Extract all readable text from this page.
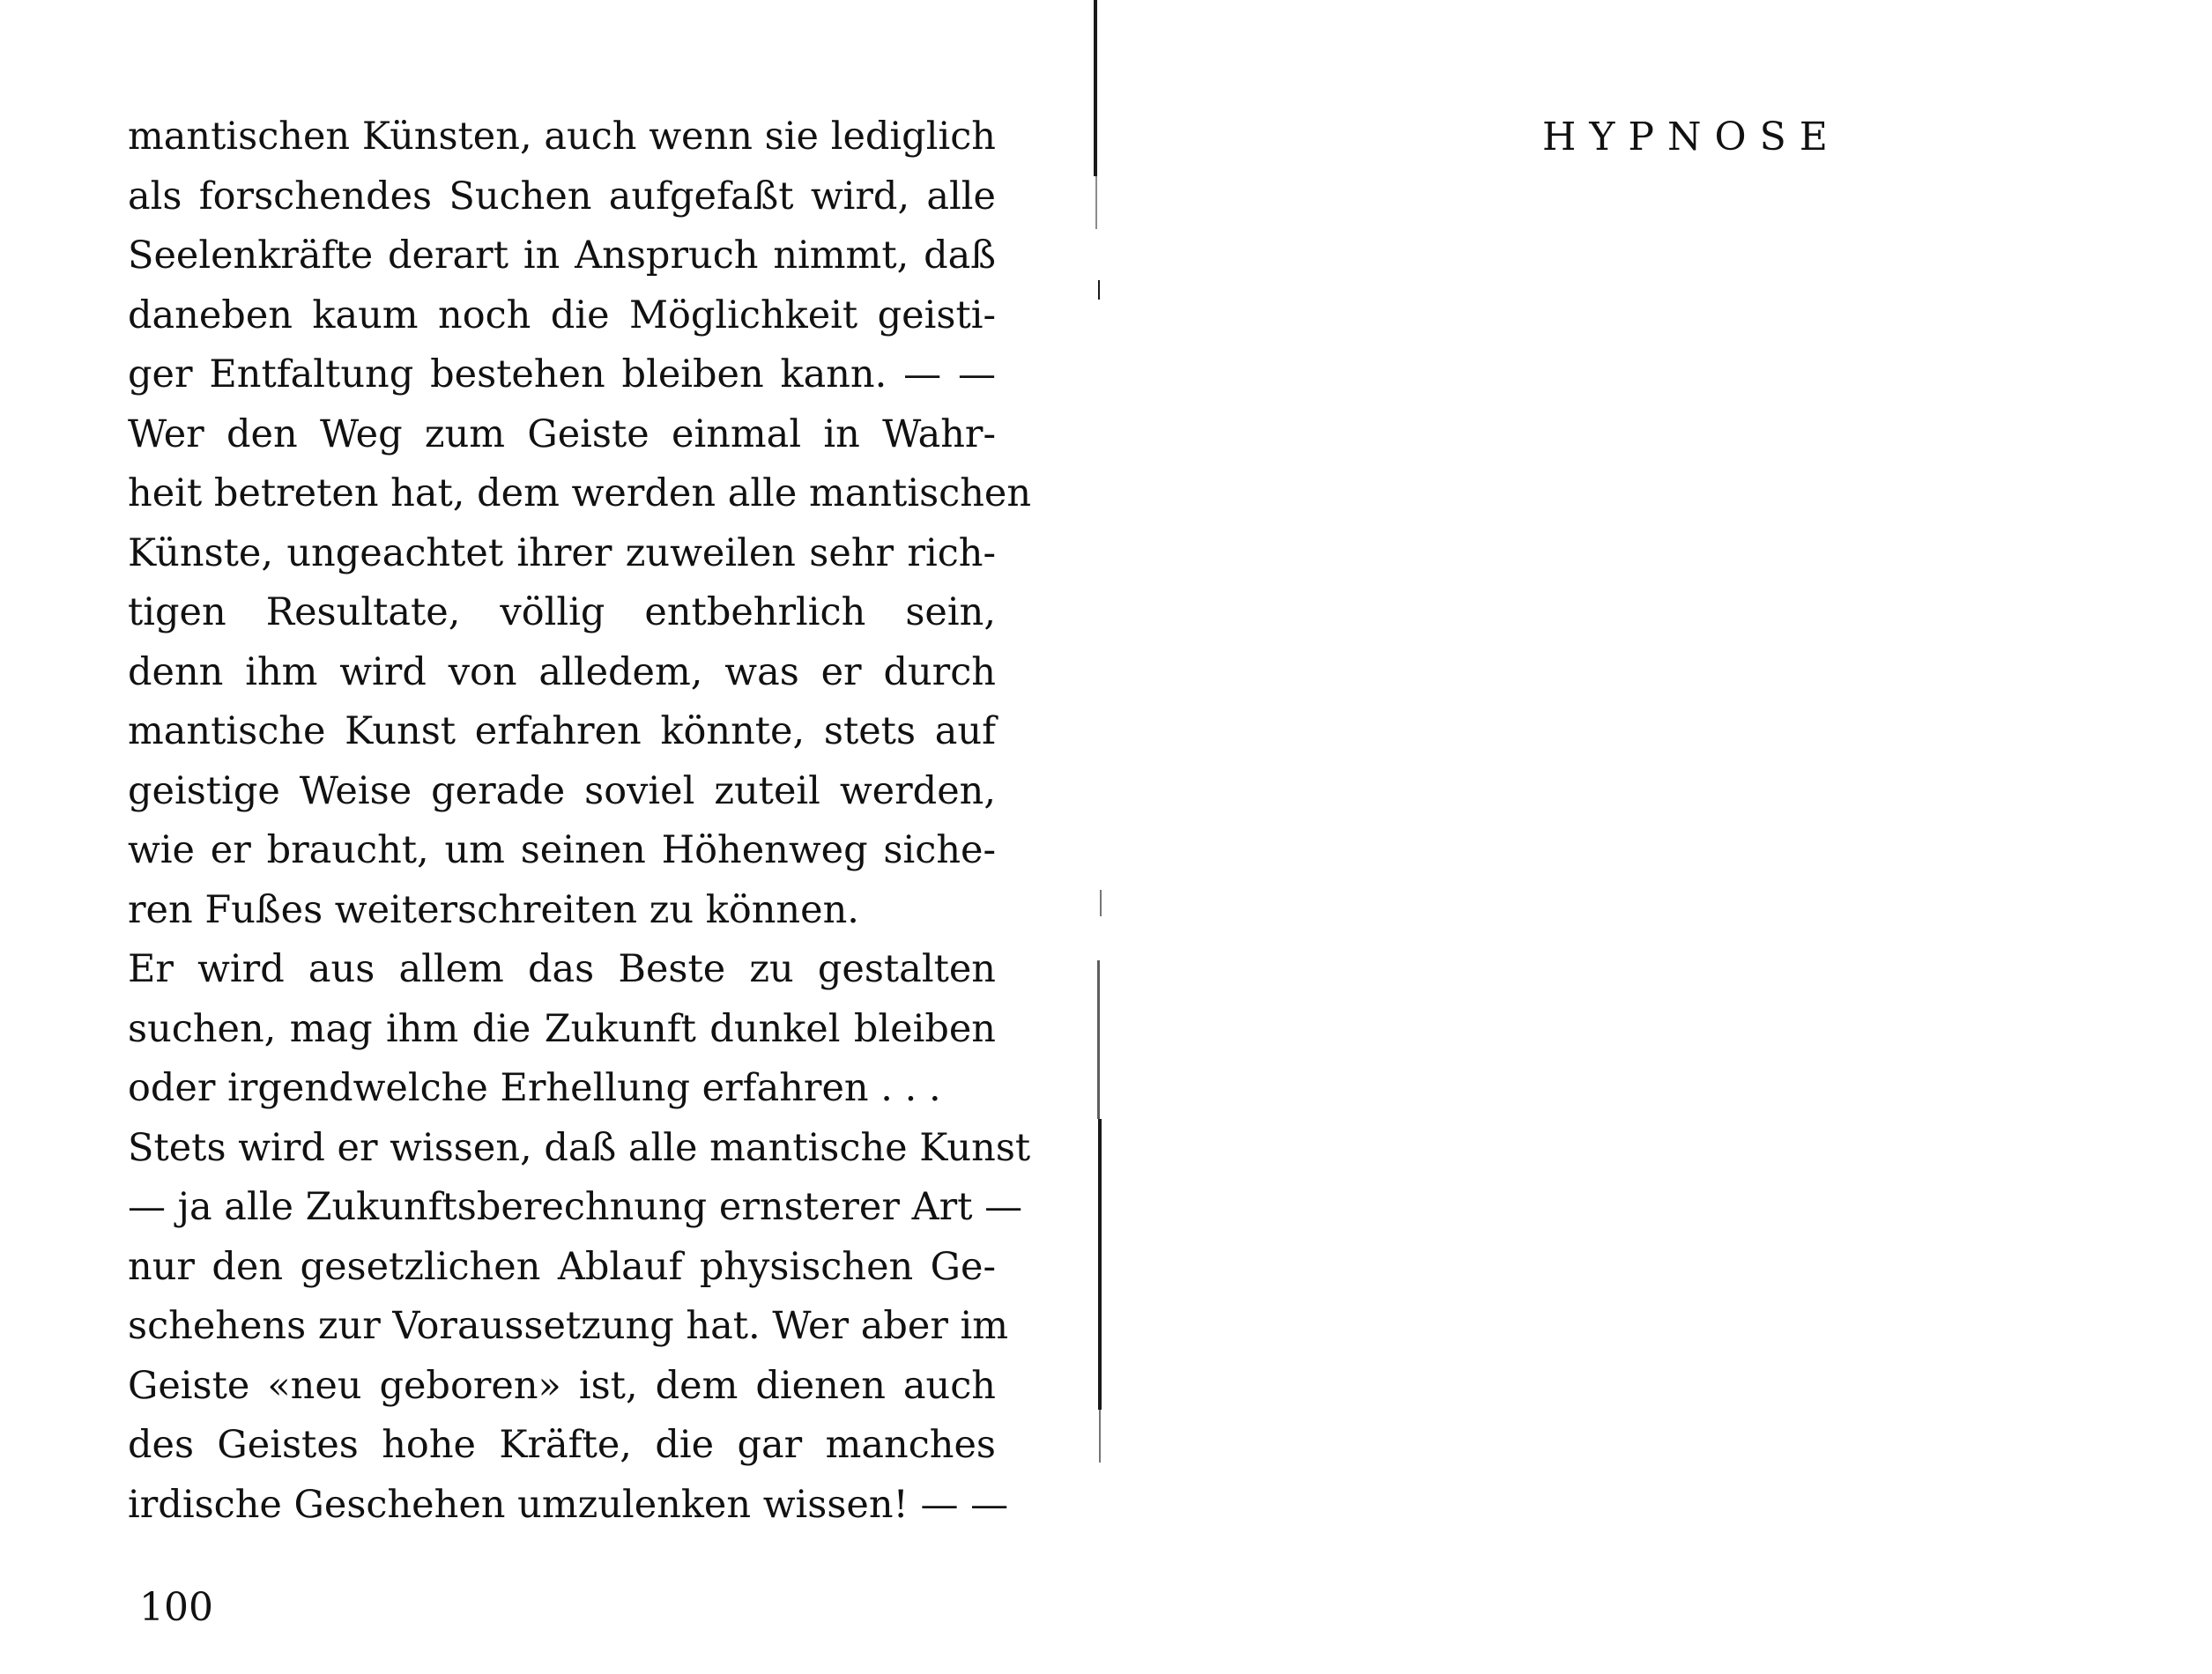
mantischen Künsten, auch wenn sie lediglich
als forschendes Suchen aufgefaßt wird, alle
Seelenkräfte derart in Anspruch nimmt, daß
daneben kaum noch die Möglichkeit geisti-
ger Entfaltung bestehen bleiben kann. — —
Wer den Weg zum Geiste einmal in Wahr-
heit betreten hat, dem werden alle mantischen
Künste, ungeachtet ihrer zuweilen sehr rich-
tigen Resultate, völlig entbehrlich sein,
denn ihm wird von alledem, was er durch
mantische Kunst erfahren könnte, stets auf
geistige Weise gerade soviel zuteil werden,
wie er braucht, um seinen Höhenweg siche-
ren Fußes weiterschreiten zu können.
Er wird aus allem das Beste zu gestalten
suchen, mag ihm die Zukunft dunkel bleiben
oder irgendwelche Erhellung erfahren . . .
Stets wird er wissen, daß alle mantische Kunst
— ja alle Zukunftsberechnung ernsterer Art —
nur den gesetzlichen Ablauf physischen Ge-
schehens zur Voraussetzung hat. Wer aber im
Geiste «neu geboren» ist, dem dienen auch
des Geistes hohe Kräfte, die gar manches
irdische Geschehen umzulenken wissen! — —
100
HYPNOSE
